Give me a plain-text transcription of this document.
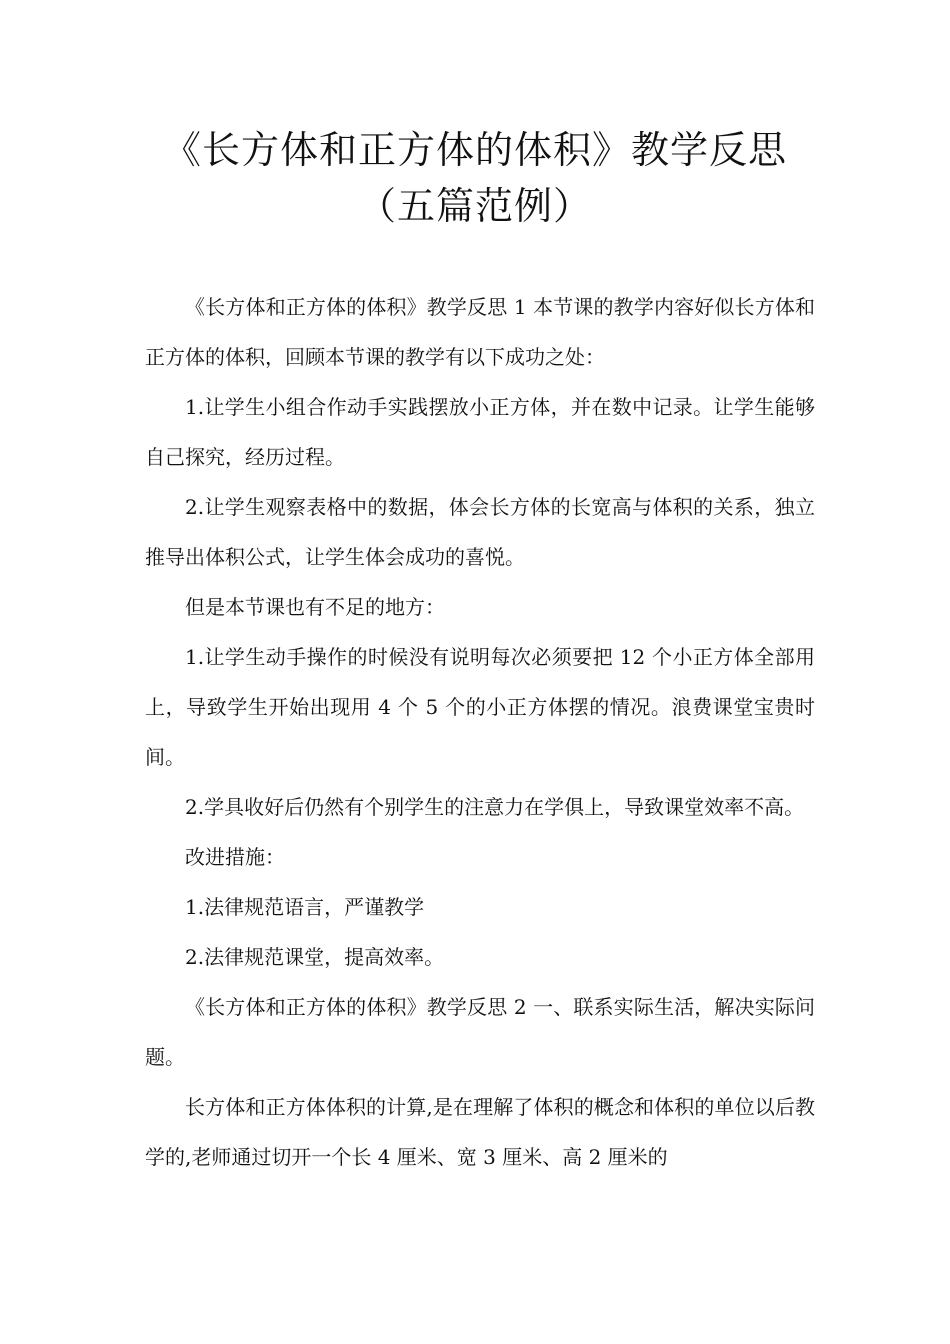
《长方体和正方体的体积》教学反思
（五篇范例）

《长方体和正方体的体积》教学反思 1 本节课的教学内容好似长方体和正方体的体积，回顾本节课的教学有以下成功之处：

1.让学生小组合作动手实践摆放小正方体，并在数中记录。让学生能够自己探究，经历过程。

2.让学生观察表格中的数据，体会长方体的长宽高与体积的关系，独立推导出体积公式，让学生体会成功的喜悦。

但是本节课也有不足的地方：

1.让学生动手操作的时候没有说明每次必须要把 12 个小正方体全部用上，导致学生开始出现用 4 个 5 个的小正方体摆的情况。浪费课堂宝贵时间。

2.学具收好后仍然有个别学生的注意力在学俱上，导致课堂效率不高。

改进措施：

1.法律规范语言，严谨教学

2.法律规范课堂，提高效率。

《长方体和正方体的体积》教学反思 2 一、联系实际生活，解决实际问题。

长方体和正方体体积的计算,是在理解了体积的概念和体积的单位以后教学的,老师通过切开一个长 4 厘米、宽 3 厘米、高 2 厘米的
